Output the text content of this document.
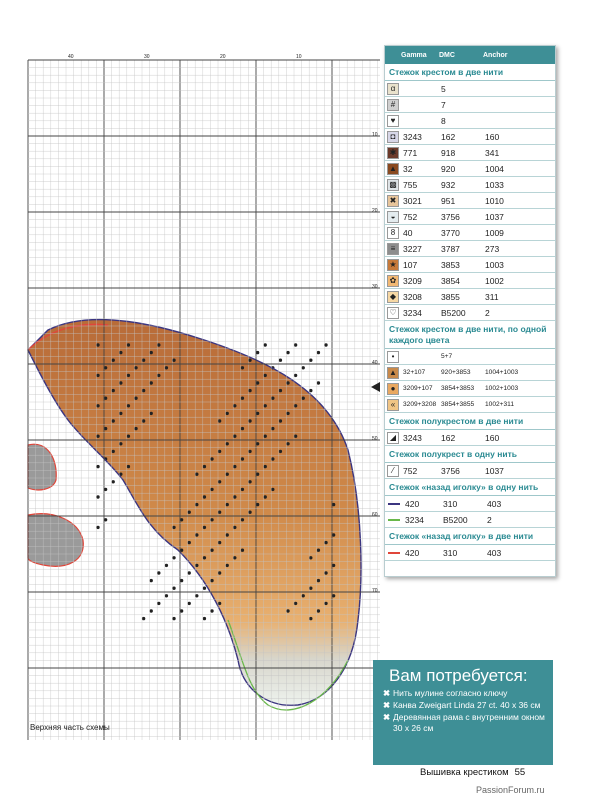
40	30	20	10
10
20
30
40
50
60
70
Gamma	DMC	Anchor
Стежок крестом в две нити
α	5
#	7
♥	8
◘ 3243	162	160
✱ 771	918	341
▲ 32	920	1004
▩ 755	932	1033
✖ 3021	951	1010
◒ 752	3756	1037
8 40	3770	1009
≡ 3227	3787	273
★ 107	3853	1003
✿ 3209	3854	1002
◆ 3208	3855	311
♡ 3234	B5200	2
Стежок крестом в две нити, по одной каждого цвета
•	5+7
▲ 32+107	920+3853	1004+1003
●	3209+107	3854+3853	1002+1003
«	3209+3208 3854+3855	1002+311
Стежок полукрестом в две нити
◢ 3243	162	160
Стежок полукрест в одну нить
⁄	752	3756	1037
Стежок «назад иголку» в одну нить
420	310	403
3234	B5200	2
Стежок «назад иголку» в две нити
420	310	403
Вам потребуется:
✖ Нить мулине согласно ключу
✖ Канва Zweigart Linda 27 ct. 40 х 36 см
✖ Деревянная рама с внутренним окном 30 х 26 см
Верхняя часть схемы
Вышивка крестиком 55
PassionForum.ru
